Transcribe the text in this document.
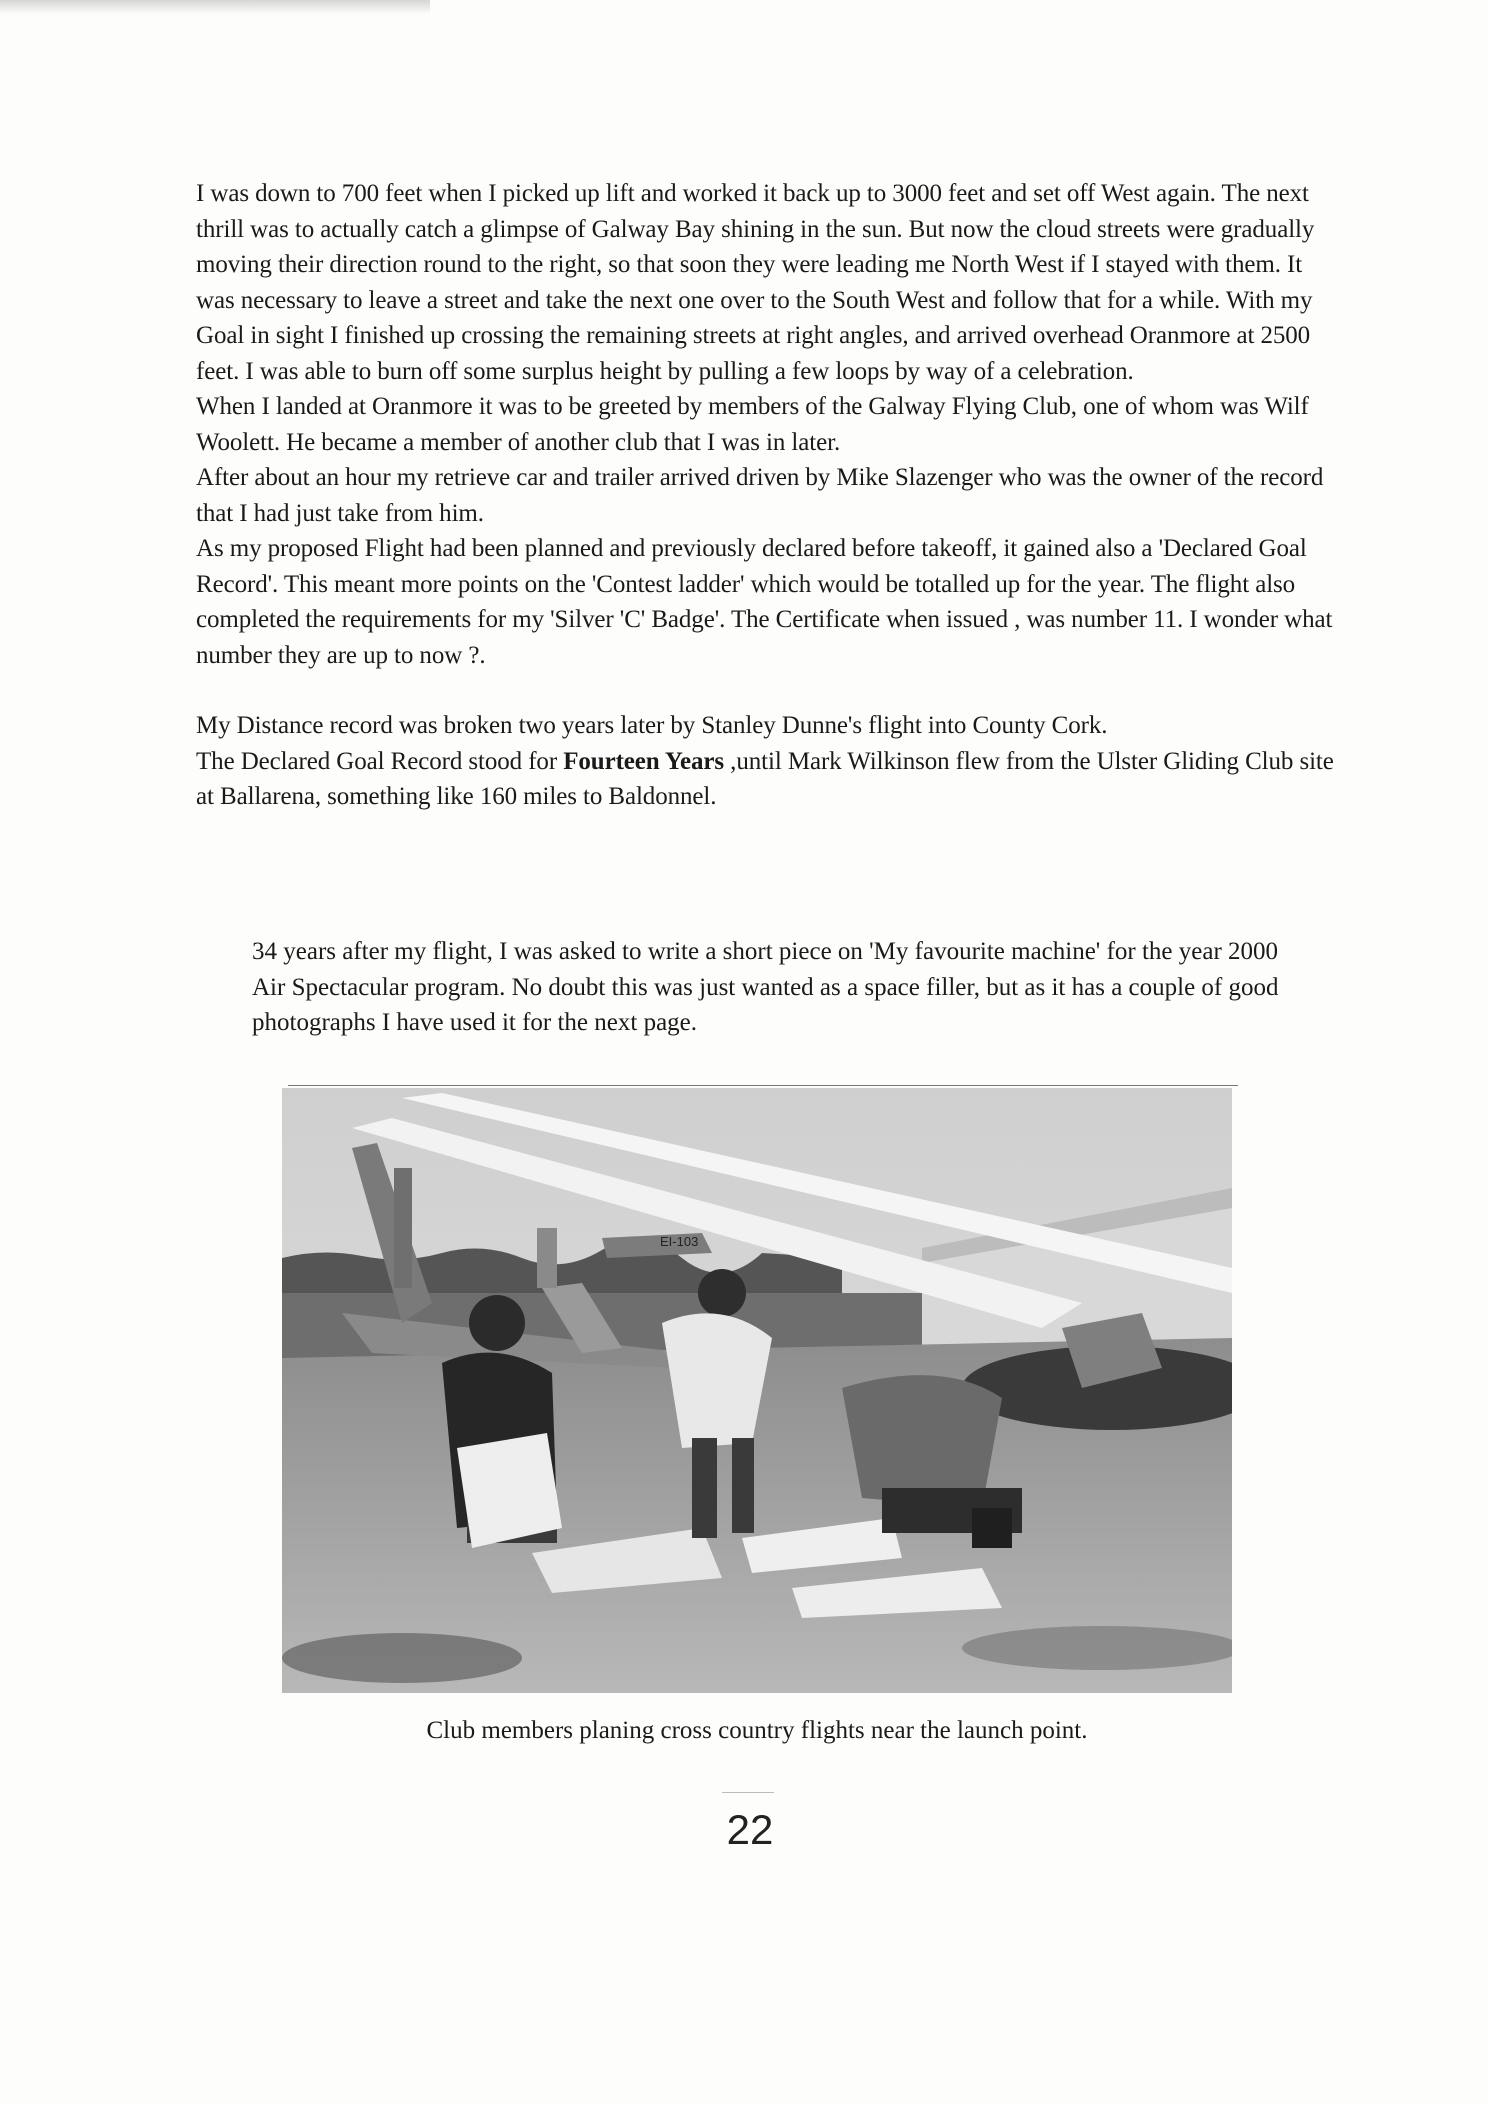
I was down to 700 feet when I picked up lift and worked it back up to 3000 feet and set off West again. The next thrill was to actually catch a glimpse of Galway Bay shining in the sun. But now the cloud streets were gradually moving their direction round to the right, so that soon they were leading me North West if I stayed with them. It was necessary to leave a street and take the next one over to the South West and follow that for a while. With my Goal in sight I finished up crossing the remaining streets at right angles, and arrived overhead Oranmore at 2500 feet. I was able to burn off some surplus height by pulling a few loops by way of a celebration.

When I landed at Oranmore it was to be greeted by members of the Galway Flying Club, one of whom was Wilf Woolett. He became a member of another club that I was in later.

After about an hour my retrieve car and trailer arrived driven by Mike Slazenger who was the owner of the record that I had just take from him.

As my proposed Flight had been planned and previously declared before takeoff, it gained also a 'Declared Goal Record'. This meant more points on the 'Contest ladder' which would be totalled up for the year. The flight also completed the requirements for my 'Silver 'C' Badge'. The Certificate when issued , was number 11. I wonder what number they are up to now ?.

My Distance record was broken two years later by Stanley Dunne's flight into County Cork.

The Declared Goal Record stood for Fourteen Years ,until Mark Wilkinson flew from the Ulster Gliding Club site at Ballarena, something like 160 miles to Baldonnel.

34 years after my flight, I was asked to write a short piece on 'My favourite machine' for the year 2000 Air Spectacular program. No doubt this was just wanted as a space filler, but as it has a couple of good photographs I have used it for the next page.

EI-103
Club members planing cross country flights near the launch point.
22
